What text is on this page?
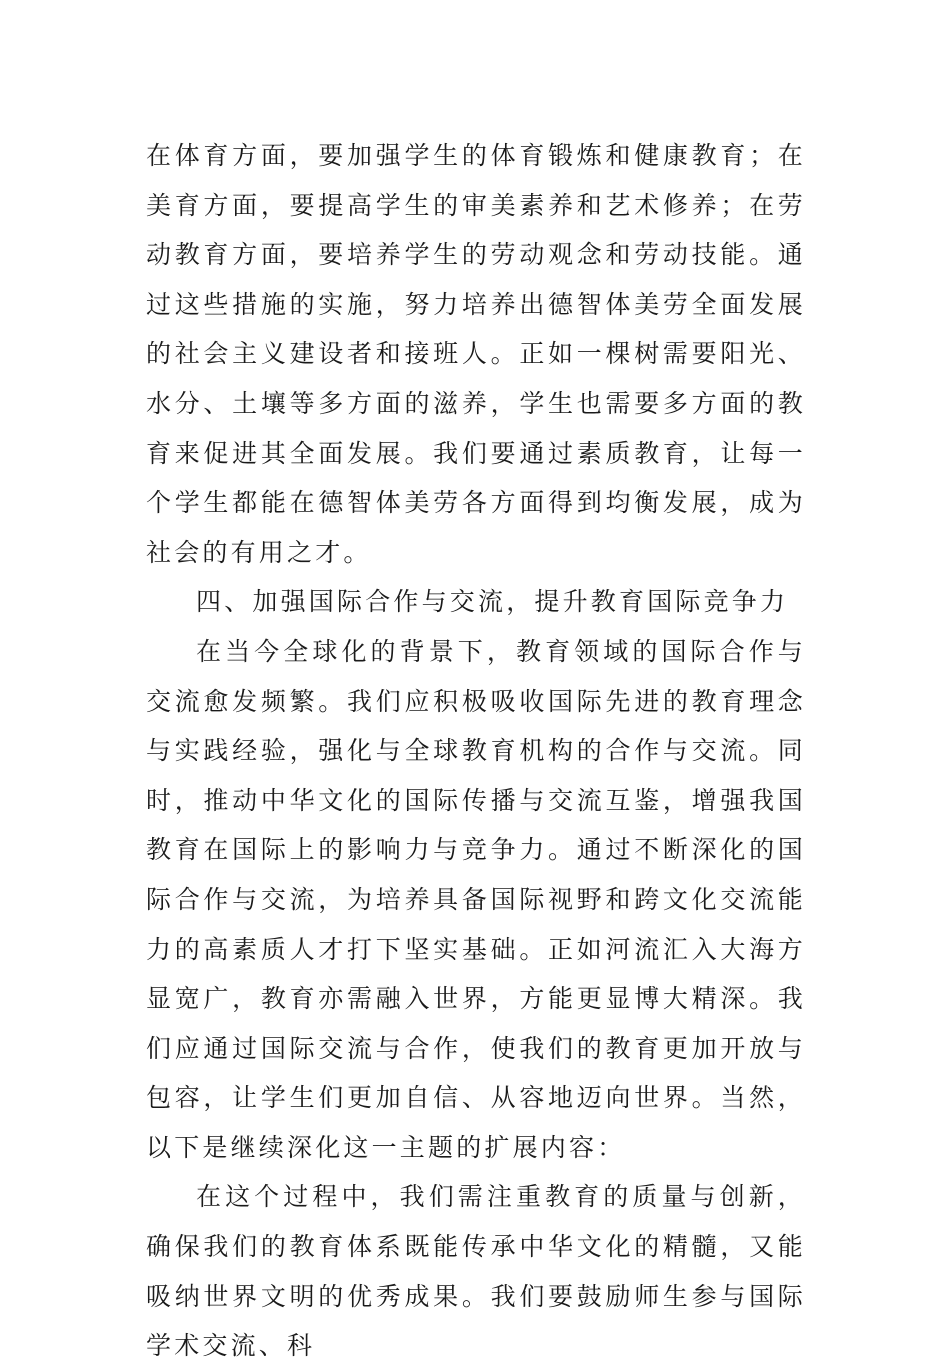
在体育方面，要加强学生的体育锻炼和健康教育；在美育方面，要提高学生的审美素养和艺术修养；在劳动教育方面，要培养学生的劳动观念和劳动技能。通过这些措施的实施，努力培养出德智体美劳全面发展的社会主义建设者和接班人。正如一棵树需要阳光、水分、土壤等多方面的滋养，学生也需要多方面的教育来促进其全面发展。我们要通过素质教育，让每一个学生都能在德智体美劳各方面得到均衡发展，成为社会的有用之才。

四、加强国际合作与交流，提升教育国际竞争力

在当今全球化的背景下，教育领域的国际合作与交流愈发频繁。我们应积极吸收国际先进的教育理念与实践经验，强化与全球教育机构的合作与交流。同时，推动中华文化的国际传播与交流互鉴，增强我国教育在国际上的影响力与竞争力。通过不断深化的国际合作与交流，为培养具备国际视野和跨文化交流能力的高素质人才打下坚实基础。正如河流汇入大海方显宽广，教育亦需融入世界，方能更显博大精深。我们应通过国际交流与合作，使我们的教育更加开放与包容，让学生们更加自信、从容地迈向世界。当然，以下是继续深化这一主题的扩展内容：

在这个过程中，我们需注重教育的质量与创新，确保我们的教育体系既能传承中华文化的精髓，又能吸纳世界文明的优秀成果。我们要鼓励师生参与国际学术交流、科
